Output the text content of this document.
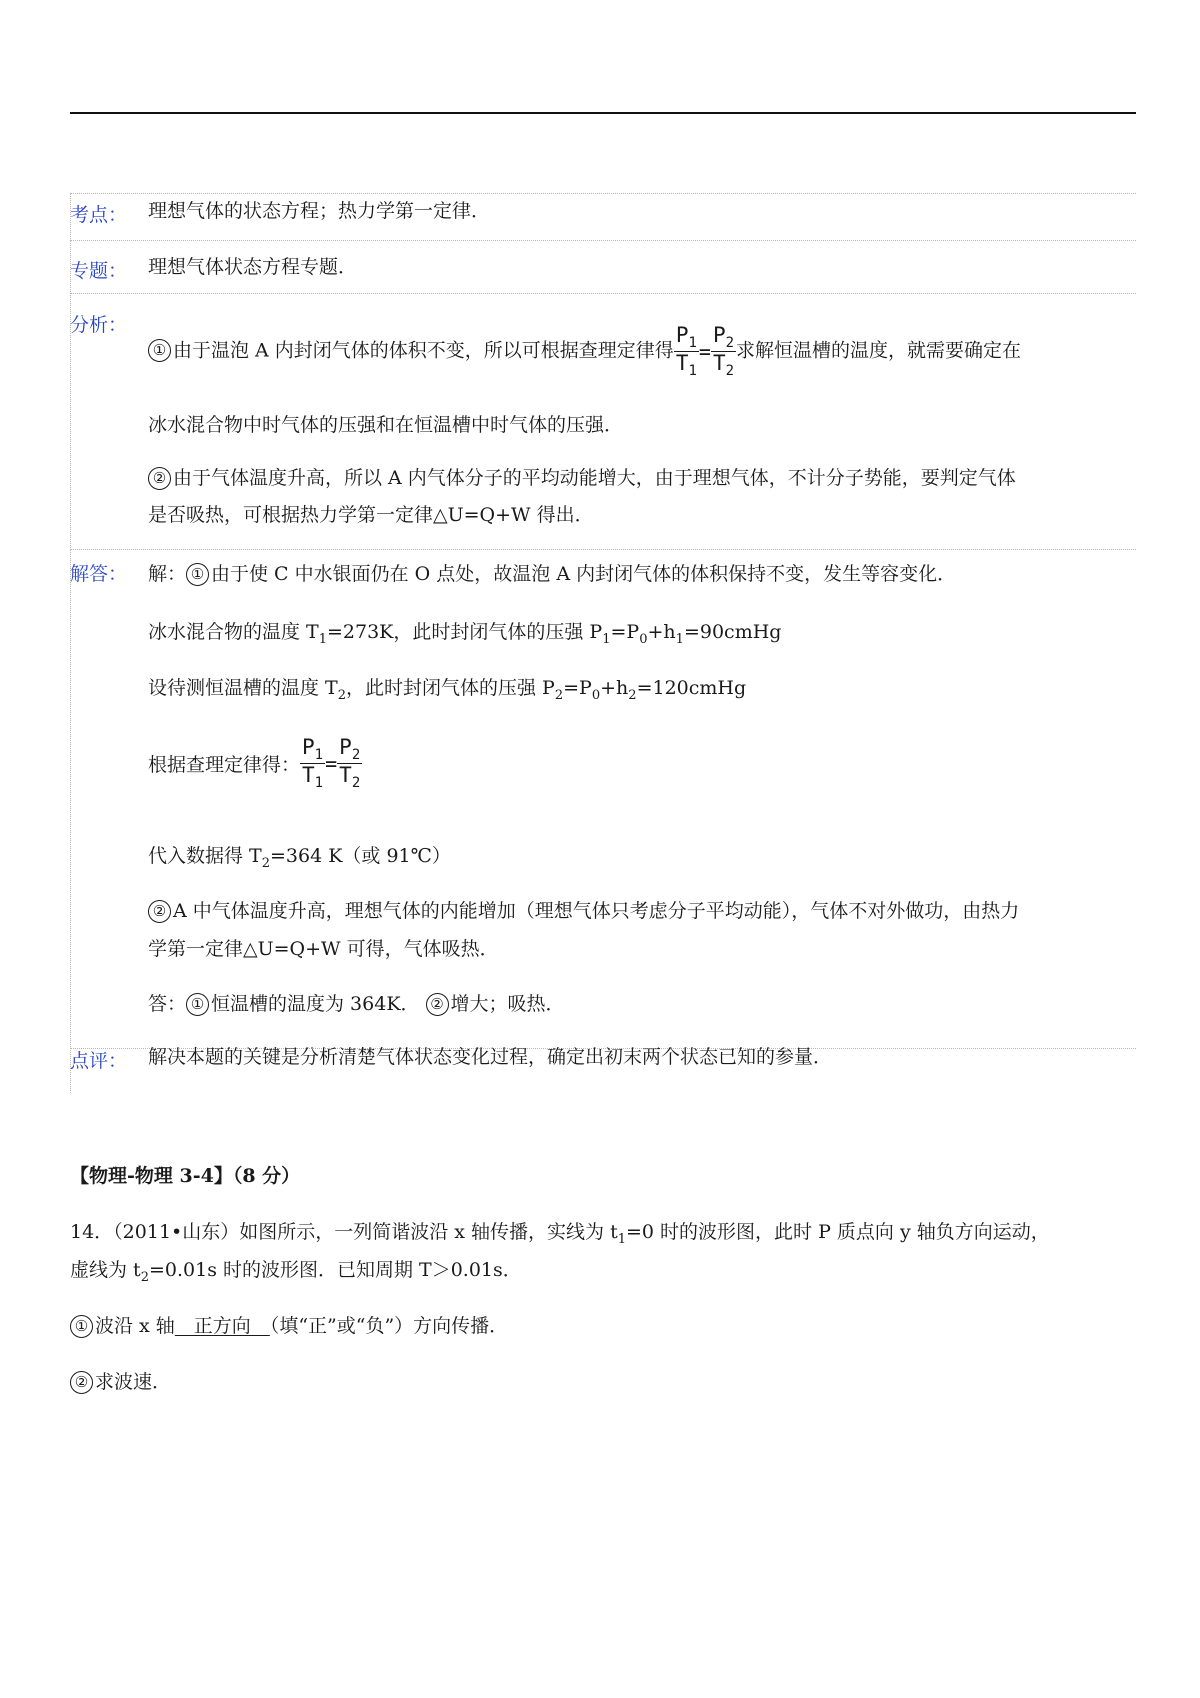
考点： 理想气体的状态方程；热力学第一定律．
专题： 理想气体状态方程专题．
分析：
① 由于温泡 A 内封闭气体的体积不变，所以可根据查理定律得 $\frac{P_1}{T_1} = \frac{P_2}{T_2}$ 求解恒温槽的温度，就需要确定在
冰水混合物中时气体的压强和在恒温槽中时气体的压强．
② 由于气体温度升高，所以 A 内气体分子的平均动能增大，由于理想气体，不计分子势能，要判定气体
是否吸热，可根据热力学第一定律△U=Q+W 得出．
解答： 解： ① 由于使 C 中水银面仍在 O 点处，故温泡 A 内封闭气体的体积保持不变，发生等容变化．
冰水混合物的温度 $T_1=273K$，此时封闭气体的压强 $P_1=P_0+h_1=90cmHg$
设待测恒温槽的温度 $T_2$，此时封闭气体的压强 $P_2=P_0+h_2=120cmHg$
根据查理定律得： $\frac{P_1}{T_1} = \frac{P_2}{T_2}$
代入数据得 $T_2=364$ K（或 91℃）
② A 中气体温度升高，理想气体的内能增加（理想气体只考虑分子平均动能），气体不对外做功，由热力
学第一定律△U=Q+W 可得，气体吸热．
答： ① 恒温槽的温度为 364K． ② 增大；吸热．
点评： 解决本题的关键是分析清楚气体状态变化过程，确定出初末两个状态已知的参量．
【物理-物理 3-4】（8 分）
14．（2011•山东）如图所示，一列简谐波沿 x 轴传播，实线为 $t_1=0$ 时的波形图，此时 P 质点向 y 轴负方向运动，
虚线为 $t_2=0.01s$ 时的波形图．已知周期 T＞0.01s．
① 波沿 x 轴　正方向　（填“正”或“负”）方向传播．
② 求波速．
